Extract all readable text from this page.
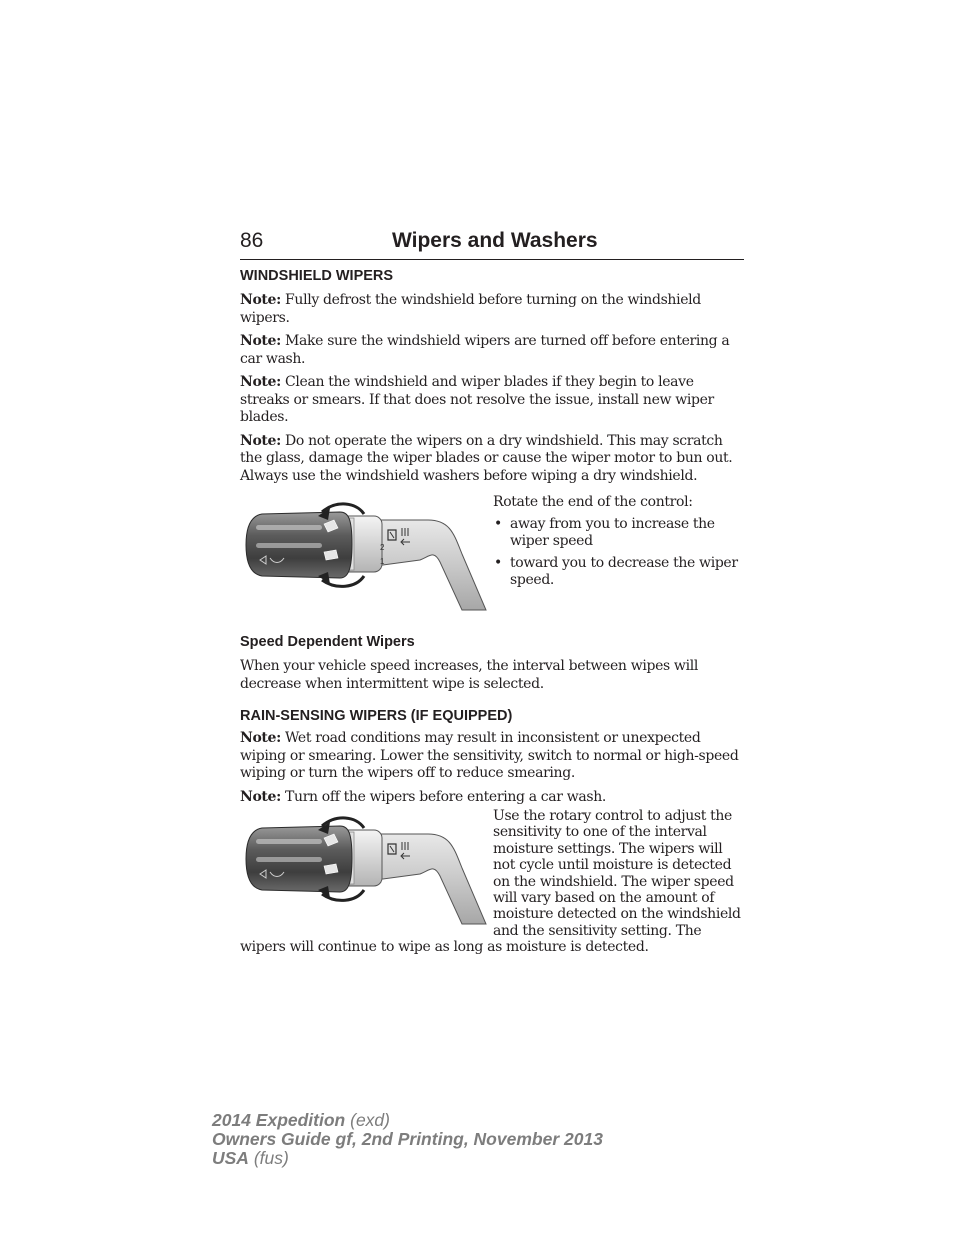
86	Wipers and Washers
WINDSHIELD WIPERS

Note: Fully defrost the windshield before turning on the windshield wipers.

Note: Make sure the windshield wipers are turned off before entering a car wash.

Note: Clean the windshield and wiper blades if they begin to leave streaks or smears. If that does not resolve the issue, install new wiper blades.

Note: Do not operate the wipers on a dry windshield. This may scratch the glass, damage the wiper blades or cause the wiper motor to bun out. Always use the windshield washers before wiping a dry windshield.

2
1
Rotate the end of the control:
• away from you to increase the wiper speed
• toward you to decrease the wiper speed.
Speed Dependent Wipers

When your vehicle speed increases, the interval between wipes will decrease when intermittent wipe is selected.

RAIN-SENSING WIPERS (IF EQUIPPED)

Note: Wet road conditions may result in inconsistent or unexpected wiping or smearing. Lower the sensitivity, switch to normal or high-speed wiping or turn the wipers off to reduce smearing.

Note: Turn off the wipers before entering a car wash.

Use the rotary control to adjust the
sensitivity to one of the interval
moisture settings. The wipers will
not cycle until moisture is detected
on the windshield. The wiper speed
will vary based on the amount of
moisture detected on the windshield
and the sensitivity setting. The
wipers will continue to wipe as long as moisture is detected.
2014 Expedition (exd)
Owners Guide gf, 2nd Printing, November 2013
USA (fus)
